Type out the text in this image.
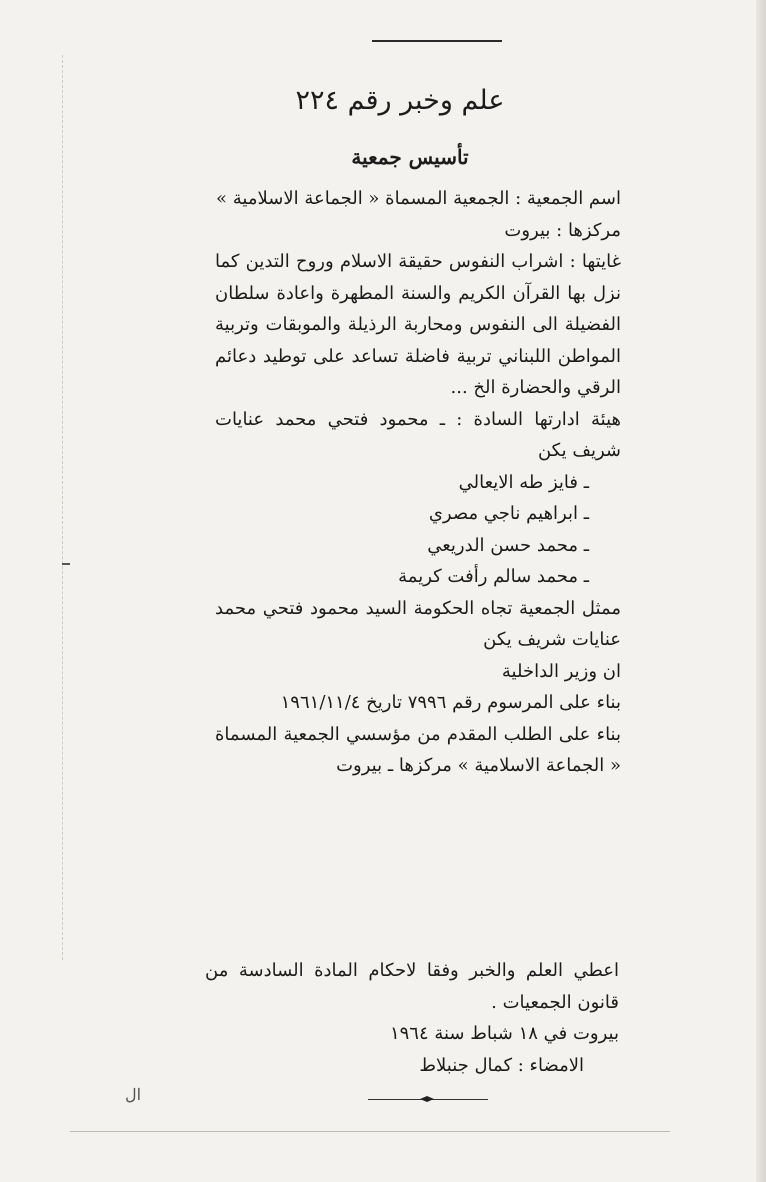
علم وخبر رقم ٢٢٤
تأسيس جمعية

اسم الجمعية : الجمعية المسماة « الجماعة الاسلامية »

مركزها : بيروت

غايتها : اشراب النفوس حقيقة الاسلام وروح التدين كما نزل بها القرآن الكريم والسنة المطهرة واعادة سلطان الفضيلة الى النفوس ومحاربة الرذيلة والموبقات وتربية المواطن اللبناني تربية فاضلة تساعد على توطيد دعائم الرقي والحضارة الخ ...

هيئة ادارتها السادة : ـ محمود فتحي محمد عنايات شريف يكن

ـ فايز طه الايعالي

ـ ابراهيم ناجي مصري

ـ محمد حسن الدريعي

ـ محمد سالم رأفت كريمة

ممثل الجمعية تجاه الحكومة السيد محمود فتحي محمد عنايات شريف يكن

ان وزير الداخلية

بناء على المرسوم رقم ٧٩٩٦ تاريخ ١٩٦١/١١/٤

بناء على الطلب المقدم من مؤسسي الجمعية المسماة « الجماعة الاسلامية » مركزها ـ بيروت

اعطي العلم والخبر وفقا لاحكام المادة السادسة من قانون الجمعيات .

بيروت في ١٨ شباط سنة ١٩٦٤

الامضاء : كمال جنبلاط

ال
